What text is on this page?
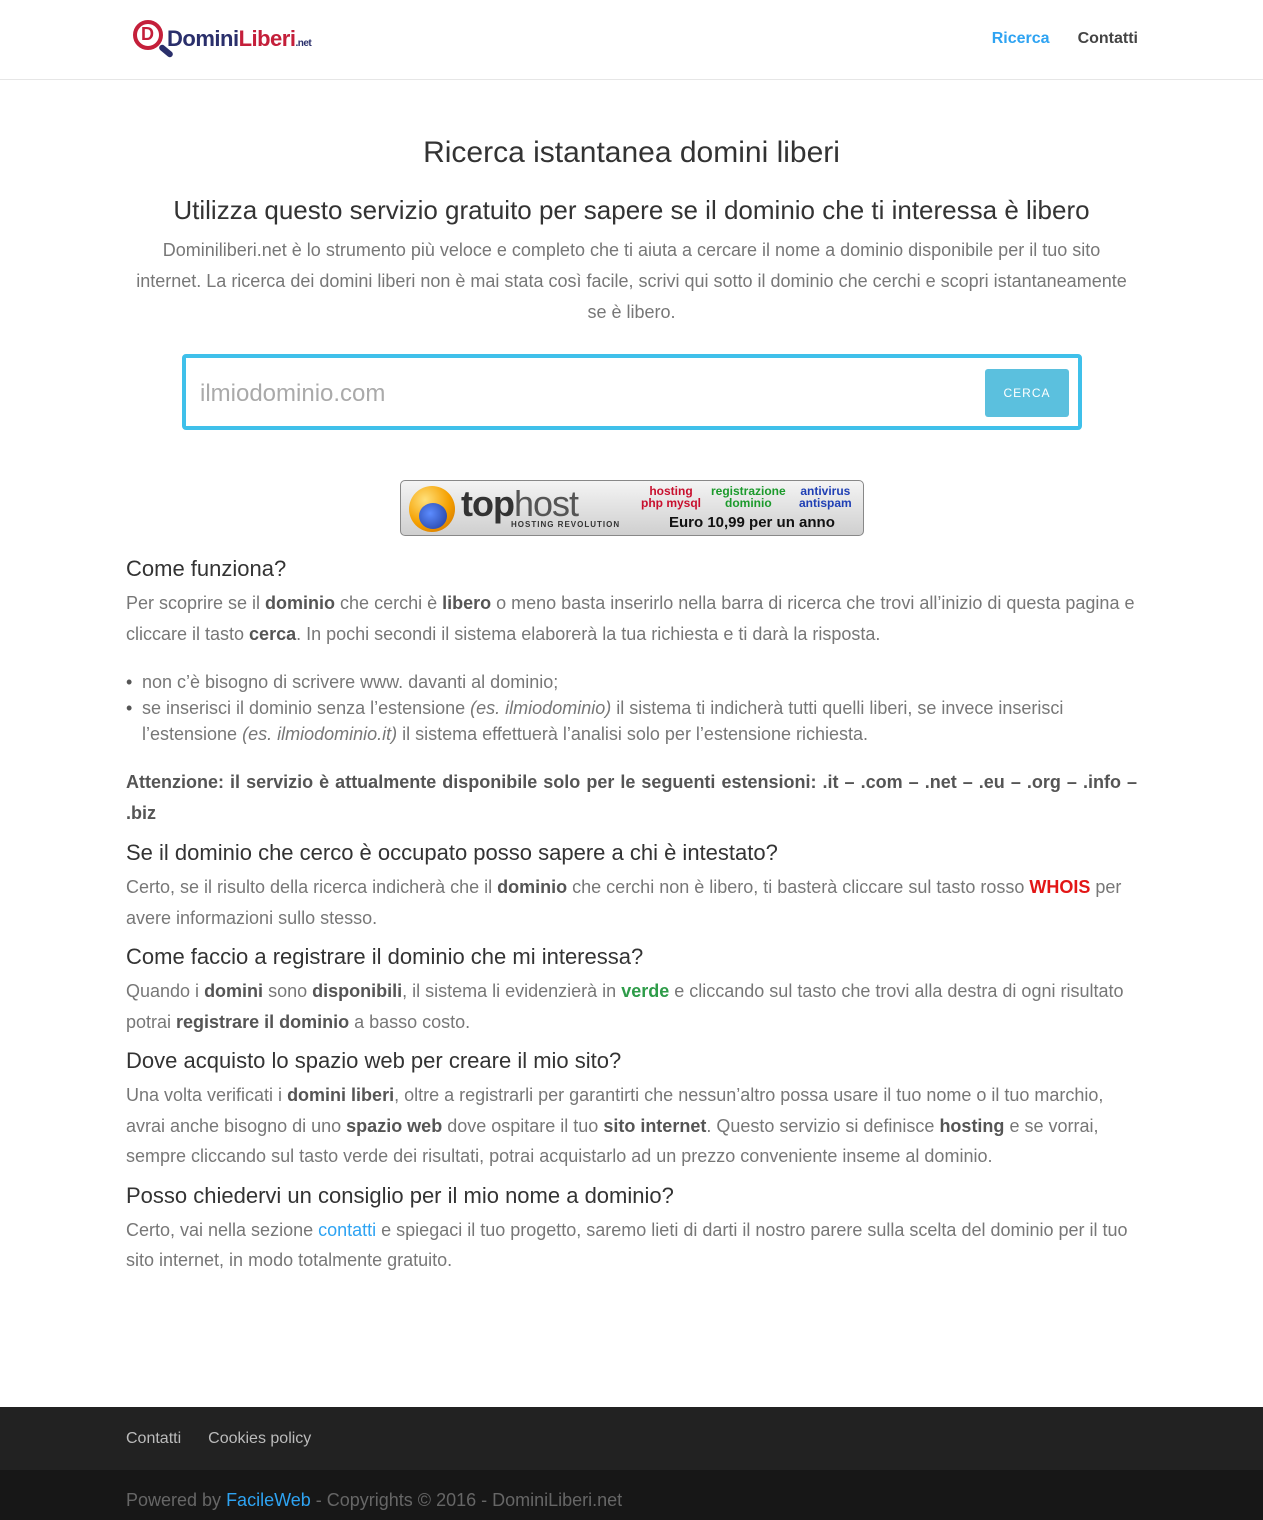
D DominiLiberi.net	Ricerca Contatti
Ricerca istantanea domini liberi
Utilizza questo servizio gratuito per sapere se il dominio che ti interessa è libero

Dominiliberi.net è lo strumento più veloce e completo che ti aiuta a cercare il nome a dominio disponibile per il tuo sito internet. La ricerca dei domini liberi non è mai stata così facile, scrivi qui sotto il dominio che cerchi e scopri istantaneamente se è libero.

ilmiodominio.com
CERCA
tophost
HOSTING REVOLUTION
hosting
php mysql
registrazione
dominio
antivirus
antispam
Euro 10,99 per un anno
Come funziona?

Per scoprire se il dominio che cerchi è libero o meno basta inserirlo nella barra di ricerca che trovi all’inizio di questa pagina e cliccare il tasto cerca. In pochi secondi il sistema elaborerà la tua richiesta e ti darà la risposta.

• non c’è bisogno di scrivere www. davanti al dominio;
• se inserisci il dominio senza l’estensione (es. ilmiodominio) il sistema ti indicherà tutti quelli liberi, se invece inserisci l’estensione (es. ilmiodominio.it) il sistema effettuerà l’analisi solo per l’estensione richiesta.
Attenzione: il servizio è attualmente disponibile solo per le seguenti estensioni: .it – .com – .net – .eu – .org – .info – .biz
Se il dominio che cerco è occupato posso sapere a chi è intestato?

Certo, se il risulto della ricerca indicherà che il dominio che cerchi non è libero, ti basterà cliccare sul tasto rosso WHOIS per avere informazioni sullo stesso.

Come faccio a registrare il dominio che mi interessa?

Quando i domini sono disponibili, il sistema li evidenzierà in verde e cliccando sul tasto che trovi alla destra di ogni risultato potrai registrare il dominio a basso costo.

Dove acquisto lo spazio web per creare il mio sito?

Una volta verificati i domini liberi, oltre a registrarli per garantirti che nessun’altro possa usare il tuo nome o il tuo marchio, avrai anche bisogno di uno spazio web dove ospitare il tuo sito internet. Questo servizio si definisce hosting e se vorrai, sempre cliccando sul tasto verde dei risultati, potrai acquistarlo ad un prezzo conveniente inseme al dominio.

Posso chiedervi un consiglio per il mio nome a dominio?

Certo, vai nella sezione contatti e spiegaci il tuo progetto, saremo lieti di darti il nostro parere sulla scelta del dominio per il tuo sito internet, in modo totalmente gratuito.

Contatti Cookies policy
Powered by FacileWeb - Copyrights © 2016 - DominiLiberi.net
